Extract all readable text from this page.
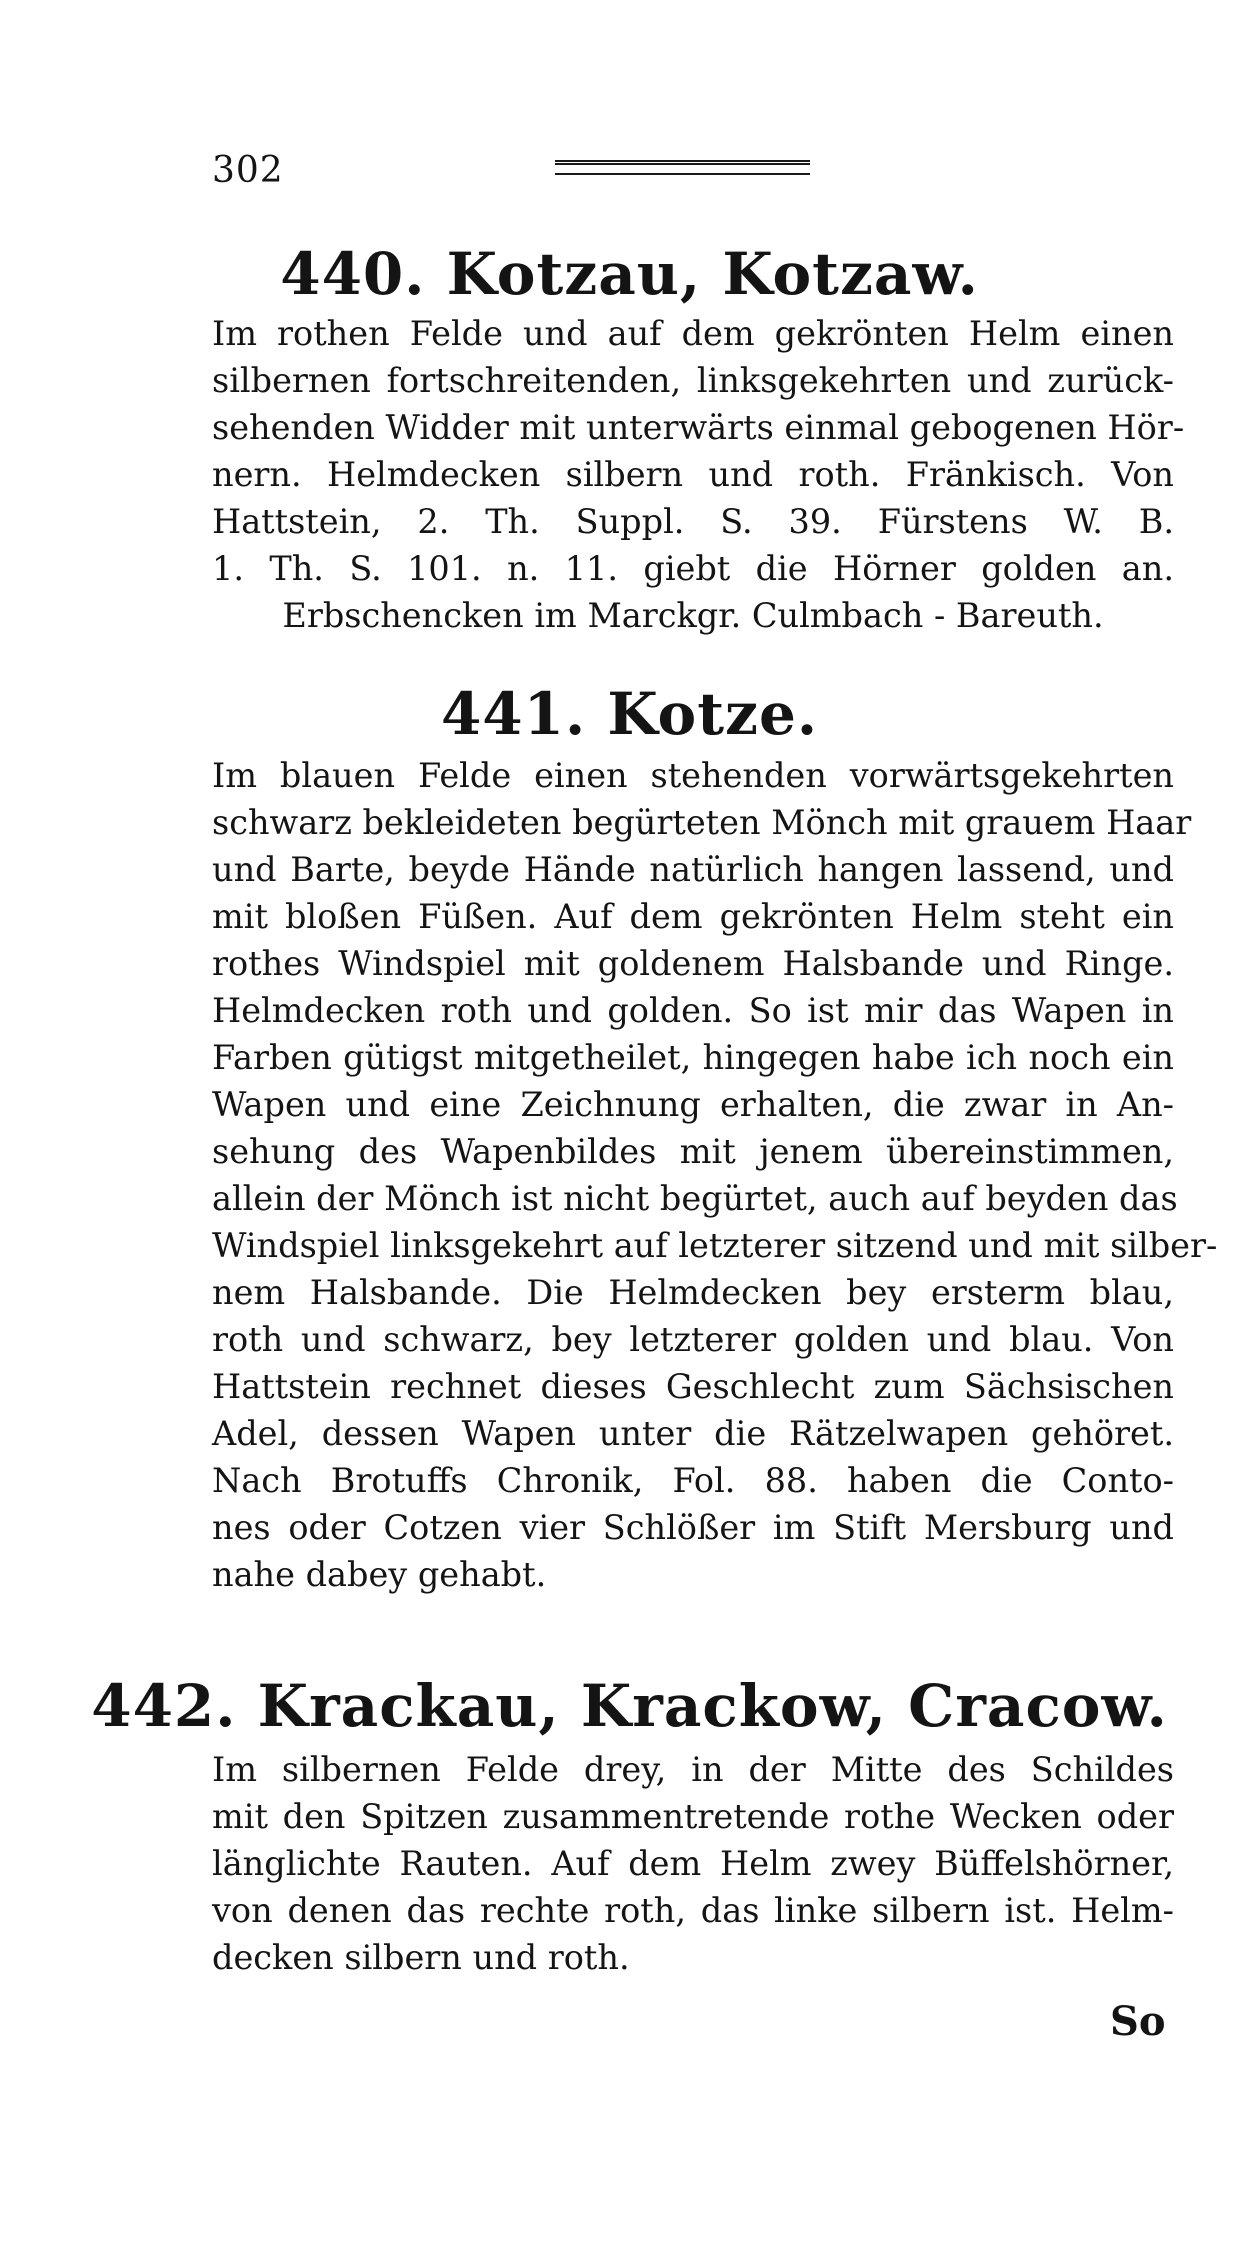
302
440. Kotzau, Kotzaw.
Im rothen Felde und auf dem gekrönten Helm einen
silbernen fortschreitenden, linksgekehrten und zurück-
sehenden Widder mit unterwärts einmal gebogenen Hör-
nern. Helmdecken silbern und roth. Fränkisch. Von
Hattstein, 2. Th. Suppl. S. 39. Fürstens W. B.
1. Th. S. 101. n. 11. giebt die Hörner golden an.
Erbschencken im Marckgr. Culmbach - Bareuth.
441. Kotze.
Im blauen Felde einen stehenden vorwärtsgekehrten
schwarz bekleideten begürteten Mönch mit grauem Haar
und Barte, beyde Hände natürlich hangen lassend, und
mit bloßen Füßen. Auf dem gekrönten Helm steht ein
rothes Windspiel mit goldenem Halsbande und Ringe.
Helmdecken roth und golden. So ist mir das Wapen in
Farben gütigst mitgetheilet, hingegen habe ich noch ein
Wapen und eine Zeichnung erhalten, die zwar in An-
sehung des Wapenbildes mit jenem übereinstimmen,
allein der Mönch ist nicht begürtet, auch auf beyden das
Windspiel linksgekehrt auf letzterer sitzend und mit silber-
nem Halsbande. Die Helmdecken bey ersterm blau,
roth und schwarz, bey letzterer golden und blau. Von
Hattstein rechnet dieses Geschlecht zum Sächsischen
Adel, dessen Wapen unter die Rätzelwapen gehöret.
Nach Brotuffs Chronik, Fol. 88. haben die Conto-
nes oder Cotzen vier Schlößer im Stift Mersburg und
nahe dabey gehabt.
442. Krackau, Krackow, Cracow.
Im silbernen Felde drey, in der Mitte des Schildes
mit den Spitzen zusammentretende rothe Wecken oder
länglichte Rauten. Auf dem Helm zwey Büffelshörner,
von denen das rechte roth, das linke silbern ist. Helm-
decken silbern und roth.
So
